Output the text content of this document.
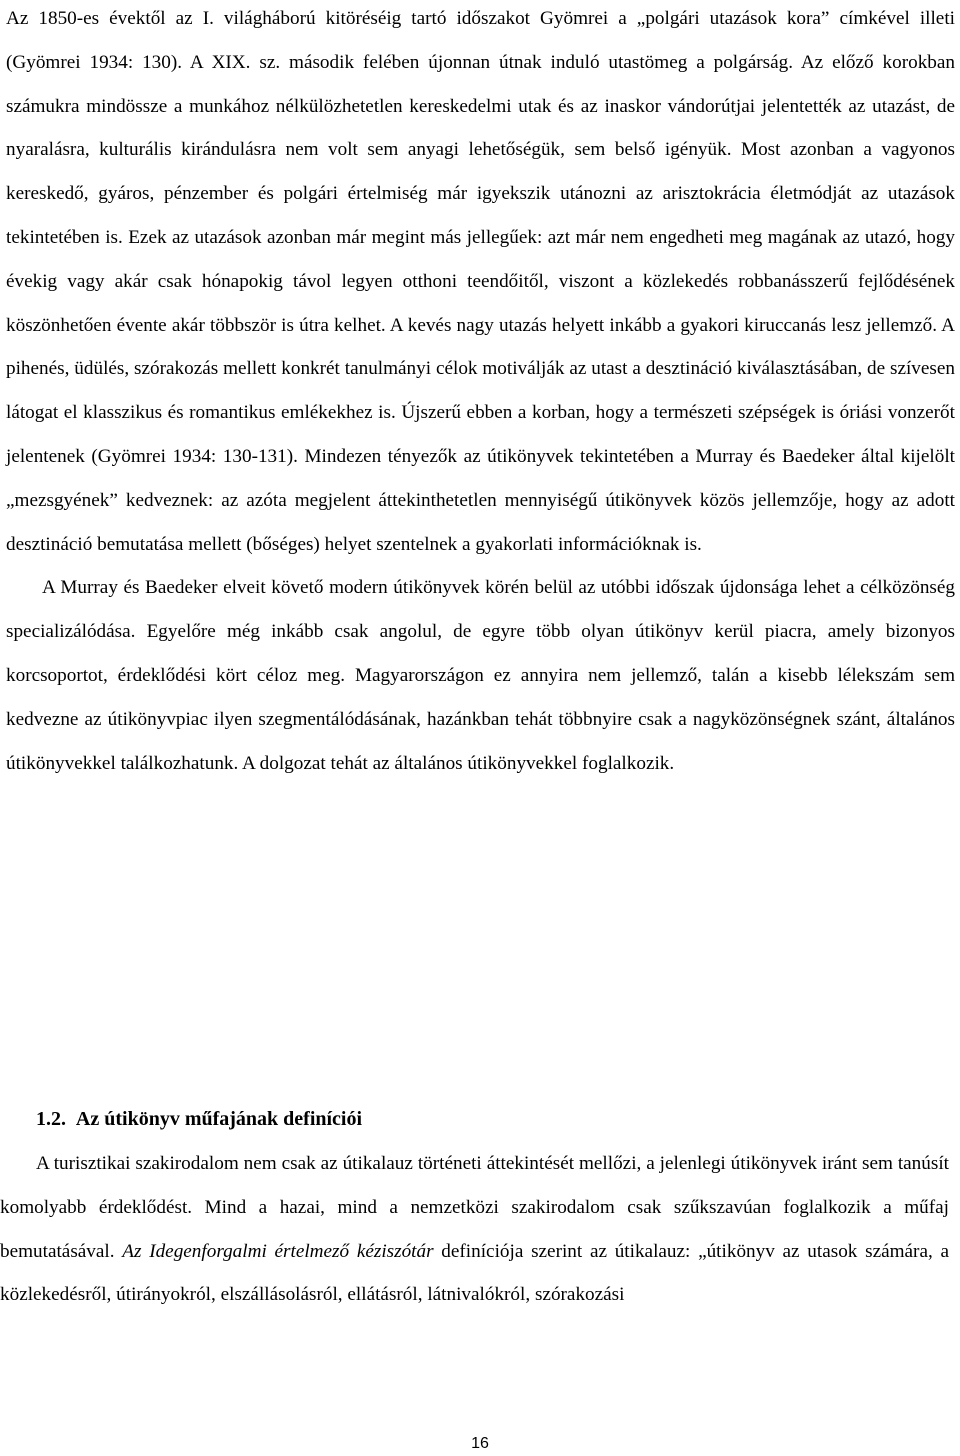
Az 1850-es évektől az I. világháború kitöréséig tartó időszakot Gyömrei a „polgári utazások kora” címkével illeti (Gyömrei 1934: 130). A XIX. sz. második felében újonnan útnak induló utastömeg a polgárság. Az előző korokban számukra mindössze a munkához nélkülözhetetlen kereskedelmi utak és az inaskor vándorútjai jelentették az utazást, de nyaralásra, kulturális kirándulásra nem volt sem anyagi lehetőségük, sem belső igényük. Most azonban a vagyonos kereskedő, gyáros, pénzember és polgári értelmiség már igyekszik utánozni az arisztokrácia életmódját az utazások tekintetében is. Ezek az utazások azonban már megint más jellegűek: azt már nem engedheti meg magának az utazó, hogy évekig vagy akár csak hónapokig távol legyen otthoni teendőitől, viszont a közlekedés robbanásszerű fejlődésének köszönhetően évente akár többször is útra kelhet. A kevés nagy utazás helyett inkább a gyakori kiruccanás lesz jellemző. A pihenés, üdülés, szórakozás mellett konkrét tanulmányi célok motiválják az utast a desztináció kiválasztásában, de szívesen látogat el klasszikus és romantikus emlékekhez is. Újszerű ebben a korban, hogy a természeti szépségek is óriási vonzerőt jelentenek (Gyömrei 1934: 130-131). Mindezen tényezők az útikönyvek tekintetében a Murray és Baedeker által kijelölt „mezsgyének” kedveznek: az azóta megjelent áttekinthetetlen mennyiségű útikönyvek közös jellemzője, hogy az adott desztináció bemutatása mellett (bőséges) helyet szentelnek a gyakorlati információknak is.

A Murray és Baedeker elveit követő modern útikönyvek körén belül az utóbbi időszak újdonsága lehet a célközönség specializálódása. Egyelőre még inkább csak angolul, de egyre több olyan útikönyv kerül piacra, amely bizonyos korcsoportot, érdeklődési kört céloz meg. Magyarországon ez annyira nem jellemző, talán a kisebb lélekszám sem kedvezne az útikönyvpiac ilyen szegmentálódásának, hazánkban tehát többnyire csak a nagyközönségnek szánt, általános útikönyvekkel találkozhatunk. A dolgozat tehát az általános útikönyvekkel foglalkozik.

1.2. Az útikönyv műfajának definíciói

A turisztikai szakirodalom nem csak az útikalauz történeti áttekintését mellőzi, a jelenlegi útikönyvek iránt sem tanúsít komolyabb érdeklődést. Mind a hazai, mind a nemzetközi szakirodalom csak szűkszavúan foglalkozik a műfaj bemutatásával. Az Idegenforgalmi értelmező kéziszótár definíciója szerint az útikalauz: „útikönyv az utasok számára, a közlekedésről, útirányokról, elszállásolásról, ellátásról, látnivalókról, szórakozási

16
